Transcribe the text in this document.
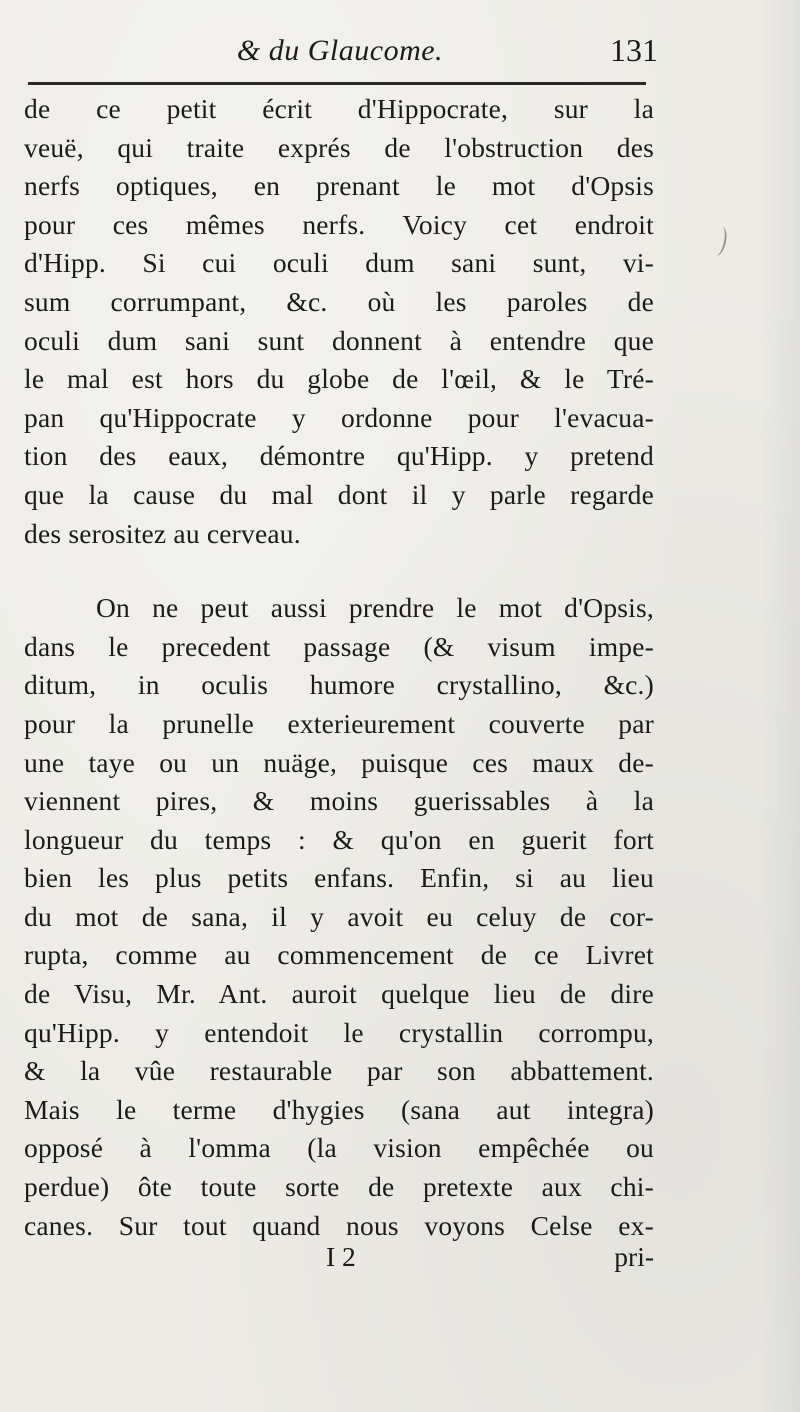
& du Glaucome.	131
de ce petit écrit d'Hippocrate, sur la
veuë, qui traite exprés de l'obstruction des
nerfs optiques, en prenant le mot d'Opsis
pour ces mêmes nerfs. Voicy cet endroit
d'Hipp. Si cui oculi dum sani sunt, vi-
sum corrumpant, &c. où les paroles de
oculi dum sani sunt donnent à entendre que
le mal est hors du globe de l'œil, & le Tré-
pan qu'Hippocrate y ordonne pour l'evacua-
tion des eaux, démontre qu'Hipp. y pretend
que la cause du mal dont il y parle regarde
des serositez au cerveau.
On ne peut aussi prendre le mot d'Opsis,
dans le precedent passage (& visum impe-
ditum, in oculis humore crystallino, &c.)
pour la prunelle exterieurement couverte par
une taye ou un nuäge, puisque ces maux de-
viennent pires, & moins guerissables à la
longueur du temps : & qu'on en guerit fort
bien les plus petits enfans. Enfin, si au lieu
du mot de sana, il y avoit eu celuy de cor-
rupta, comme au commencement de ce Livret
de Visu, Mr. Ant. auroit quelque lieu de dire
qu'Hipp. y entendoit le crystallin corrompu,
& la vûe restaurable par son abbattement.
Mais le terme d'hygies (sana aut integra)
opposé à l'omma (la vision empêchée ou
perdue) ôte toute sorte de pretexte aux chi-
canes. Sur tout quand nous voyons Celse ex-
I 2	pri-
